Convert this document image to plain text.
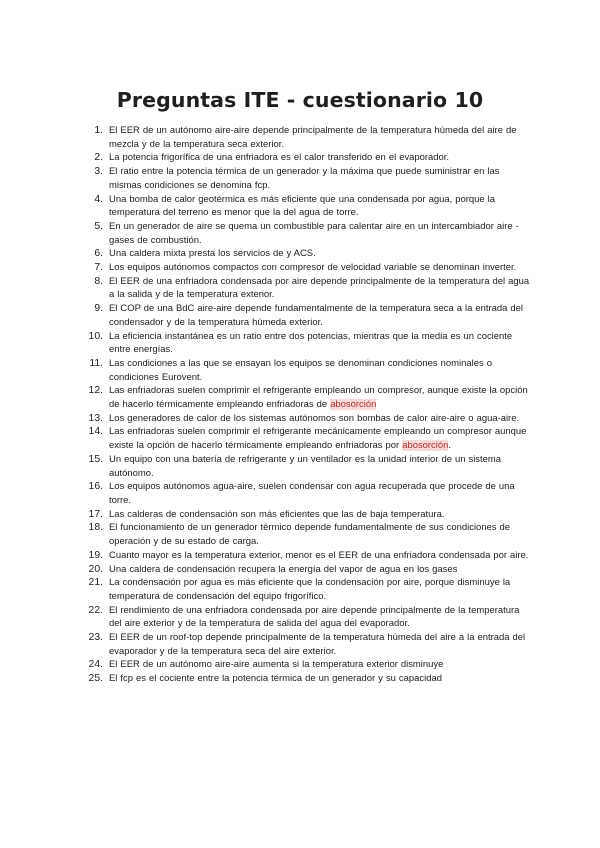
Preguntas ITE - cuestionario 10
1. El EER de un autónomo aire-aire depende principalmente de la temperatura húmeda del aire de mezcla y de la temperatura seca exterior.
2. La potencia frigorífica de una enfriadora es el calor transferido en el evaporador.
3. El ratio entre la potencia térmica de un generador y la máxima que puede suministrar en las mismas condiciones se denomina fcp.
4. Una bomba de calor geotérmica es más eficiente que una condensada por agua, porque la temperatura del terreno es menor que la del agua de torre.
5. En un generador de aire se quema un combustible para calentar aire en un intercambiador aire - gases de combustión.
6. Una caldera mixta presta los servicios de y ACS.
7. Los equipos autónomos compactos con compresor de velocidad variable se denominan inverter.
8. El EER de una enfriadora condensada por aire depende principalmente de la temperatura del agua a la salida y de la temperatura exterior.
9. El COP de una BdC aire-aire depende fundamentalmente de la temperatura seca a la entrada del condensador y de la temperatura húmeda exterior.
10. La eficiencia instantánea es un ratio entre dos potencias, mientras que la media es un cociente entre energías.
11. Las condiciones a las que se ensayan los equipos se denominan condiciones nominales o condiciones Eurovent.
12. Las enfriadoras suelen comprimir el refrigerante empleando un compresor, aunque existe la opción de hacerlo térmicamente empleando enfriadoras de abosorción
13. Los generadores de calor de los sistemas autónomos son bombas de calor aire-aire o agua-aire.
14. Las enfriadoras suelen comprimir el refrigerante mecánicamente empleando un compresor aunque existe la opción de hacerlo térmicamente empleando enfriadoras por abosorción.
15. Un equipo con una batería de refrigerante y un ventilador es la unidad interior de un sistema autónomo.
16. Los equipos autónomos agua-aire, suelen condensar con agua recuperada que procede de una torre.
17. Las calderas de condensación son más eficientes que las de baja temperatura.
18. El funcionamiento de un generador térmico depende fundamentalmente de sus condiciones de operación y de su estado de carga.
19. Cuanto mayor es la temperatura exterior, menor es el EER de una enfriadora condensada por aire.
20. Una caldera de condensación recupera la energía del vapor de agua en los gases
21. La condensación por agua es más eficiente que la condensación por aire, porque disminuye la temperatura de condensación del equipo frigorífico.
22. El rendimiento de una enfriadora condensada por aire depende principalmente de la temperatura del aire exterior y de la temperatura de salida del agua del evaporador.
23. El EER de un roof-top depende principalmente de la temperatura húmeda del aire a la entrada del evaporador y de la temperatura seca del aire exterior.
24. El EER de un autónomo aire-aire aumenta si la temperatura exterior disminuye
25. El fcp es el cociente entre la potencia térmica de un generador y su capacidad
